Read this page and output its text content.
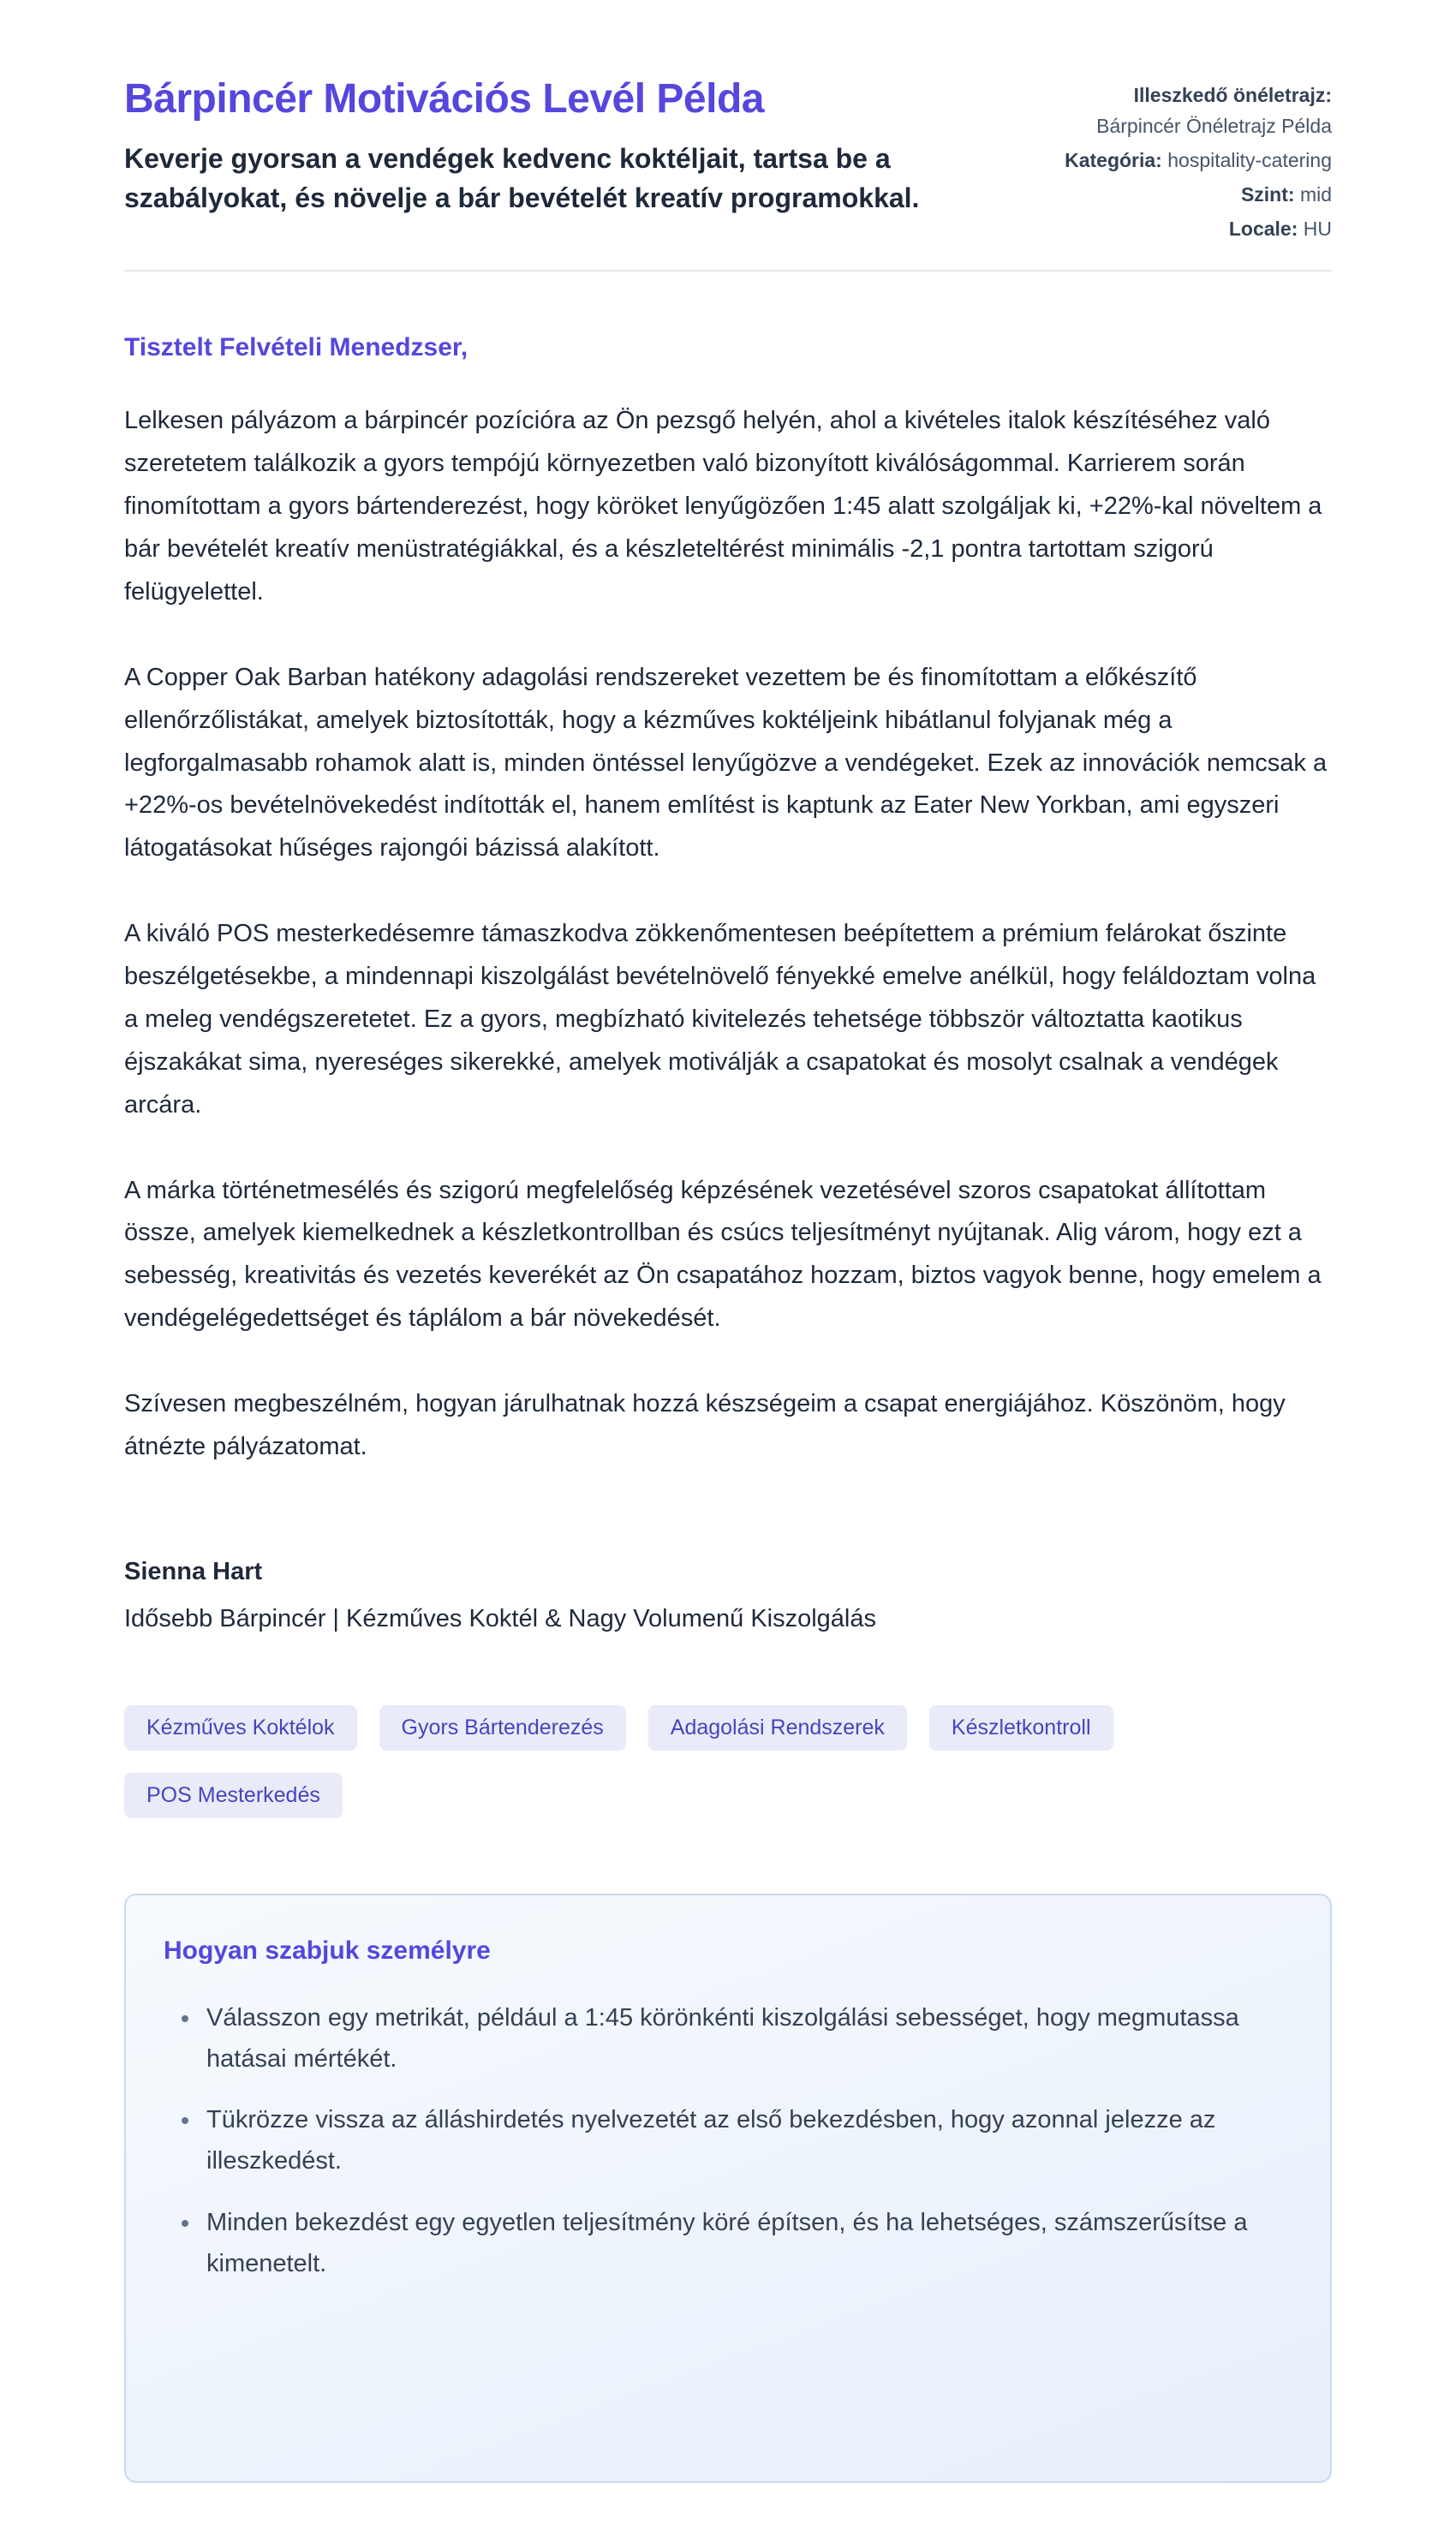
Bárpincér Motivációs Levél Példa

Keverje gyorsan a vendégek kedvenc koktéljait, tartsa be a szabályokat, és növelje a bár bevételét kreatív programokkal.

Illeszkedő önéletrajz: Bárpincér Önéletrajz Példa
Kategória: hospitality-catering
Szint: mid
Locale: HU

Tisztelt Felvételi Menedzser,

Lelkesen pályázom a bárpincér pozícióra az Ön pezsgő helyén, ahol a kivételes italok készítéséhez való szeretetem találkozik a gyors tempójú környezetben való bizonyított kiválóságommal. Karrierem során finomítottam a gyors bártenderezést, hogy köröket lenyűgözően 1:45 alatt szolgáljak ki, +22%-kal növeltem a bár bevételét kreatív menüstratégiákkal, és a készleteltérést minimális -2,1 pontra tartottam szigorú felügyelettel.

A Copper Oak Barban hatékony adagolási rendszereket vezettem be és finomítottam a előkészítő ellenőrzőlistákat, amelyek biztosították, hogy a kézműves koktéljeink hibátlanul folyjanak még a legforgalmasabb rohamok alatt is, minden öntéssel lenyűgözve a vendégeket. Ezek az innovációk nemcsak a +22%-os bevételnövekedést indították el, hanem említést is kaptunk az Eater New Yorkban, ami egyszeri látogatásokat hűséges rajongói bázissá alakított.

A kiváló POS mesterkedésemre támaszkodva zökkenőmentesen beépítettem a prémium felárokat őszinte beszélgetésekbe, a mindennapi kiszolgálást bevételnövelő fényekké emelve anélkül, hogy feláldoztam volna a meleg vendégszeretetet. Ez a gyors, megbízható kivitelezés tehetsége többször változtatta kaotikus éjszakákat sima, nyereséges sikerekké, amelyek motiválják a csapatokat és mosolyt csalnak a vendégek arcára.

A márka történetmesélés és szigorú megfelelőség képzésének vezetésével szoros csapatokat állítottam össze, amelyek kiemelkednek a készletkontrollban és csúcs teljesítményt nyújtanak. Alig várom, hogy ezt a sebesség, kreativitás és vezetés keverékét az Ön csapatához hozzam, biztos vagyok benne, hogy emelem a vendégelégedettséget és táplálom a bár növekedését.

Szívesen megbeszélném, hogyan járulhatnak hozzá készségeim a csapat energiájához. Köszönöm, hogy átnézte pályázatomat.

Sienna Hart

Idősebb Bárpincér | Kézműves Koktél & Nagy Volumenű Kiszolgálás

Kézműves Koktélok	Gyors Bártenderezés	Adagolási Rendszerek	Készletkontroll
POS Mesterkedés
Hogyan szabjuk személyre
• Válasszon egy metrikát, például a 1:45 körönkénti kiszolgálási sebességet, hogy megmutassa hatásai mértékét.
• Tükrözze vissza az álláshirdetés nyelvezetét az első bekezdésben, hogy azonnal jelezze az illeszkedést.
• Minden bekezdést egy egyetlen teljesítmény köré építsen, és ha lehetséges, számszerűsítse a kimenetelt.
